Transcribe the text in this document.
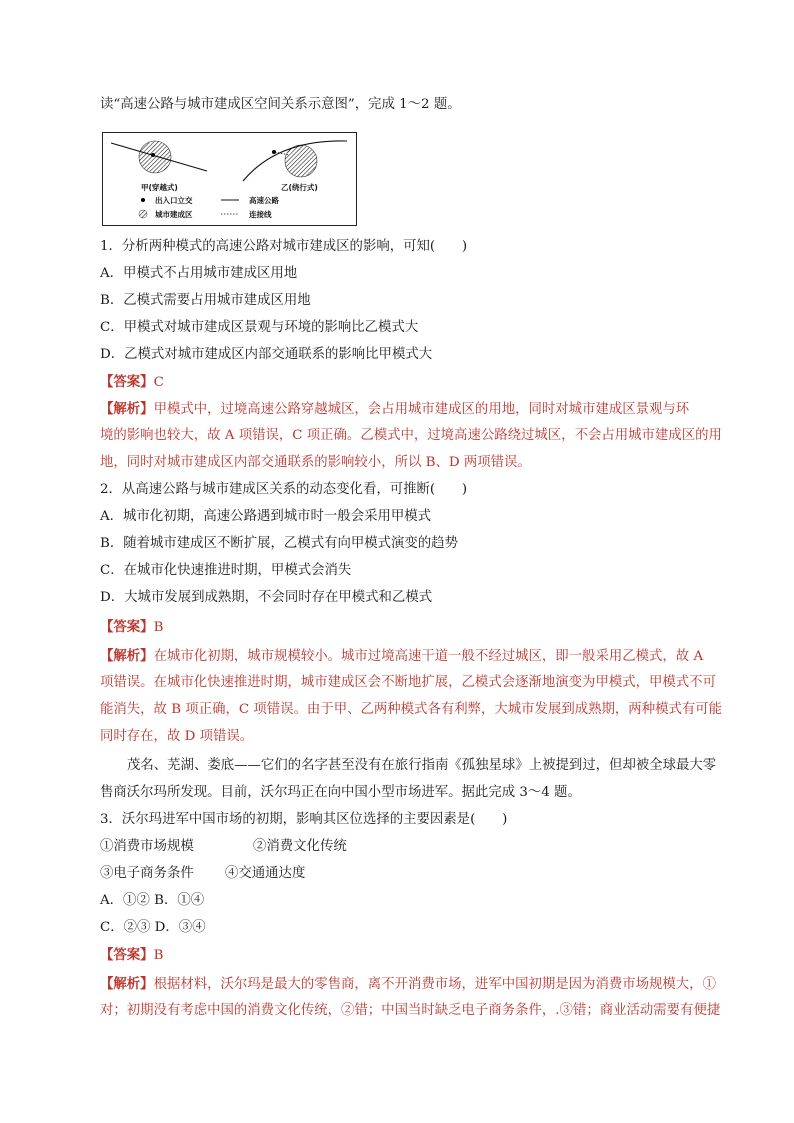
读“高速公路与城市建成区空间关系示意图”，完成 1～2 题。
甲(穿越式)	乙(绕行式)
出入口立交	高速公路
城市建成区	连接线
1．分析两种模式的高速公路对城市建成区的影响，可知(　　)
A．甲模式不占用城市建成区用地
B．乙模式需要占用城市建成区用地
C．甲模式对城市建成区景观与环境的影响比乙模式大
D．乙模式对城市建成区内部交通联系的影响比甲模式大
【答案】C
【解析】甲模式中，过境高速公路穿越城区，会占用城市建成区的用地，同时对城市建成区景观与环
境的影响也较大，故 A 项错误，C 项正确。乙模式中，过境高速公路绕过城区，不会占用城市建成区的用
地，同时对城市建成区内部交通联系的影响较小，所以 B、D 两项错误。
2．从高速公路与城市建成区关系的动态变化看，可推断(　　)
A．城市化初期，高速公路遇到城市时一般会采用甲模式
B．随着城市建成区不断扩展，乙模式有向甲模式演变的趋势
C．在城市化快速推进时期，甲模式会消失
D．大城市发展到成熟期，不会同时存在甲模式和乙模式
【答案】B
【解析】在城市化初期，城市规模较小。城市过境高速干道一般不经过城区，即一般采用乙模式，故 A
项错误。在城市化快速推进时期，城市建成区会不断地扩展，乙模式会逐渐地演变为甲模式，甲模式不可
能消失，故 B 项正确，C 项错误。由于甲、乙两种模式各有利弊，大城市发展到成熟期，两种模式有可能
同时存在，故 D 项错误。
茂名、芜湖、娄底——它们的名字甚至没有在旅行指南《孤独星球》上被提到过，但却被全球最大零
售商沃尔玛所发现。目前，沃尔玛正在向中国小型市场进军。据此完成 3～4 题。
3．沃尔玛进军中国市场的初期，影响其区位选择的主要因素是(　　)
①消费市场规模	②消费文化传统
③电子商务条件 ④交通通达度
A．①② B．①④
C．②③ D．③④
【答案】B
【解析】根据材料，沃尔玛是最大的零售商，离不开消费市场，进军中国初期是因为消费市场规模大，①
对；初期没有考虑中国的消费文化传统，②错；中国当时缺乏电子商务条件，.③错；商业活动需要有便捷
